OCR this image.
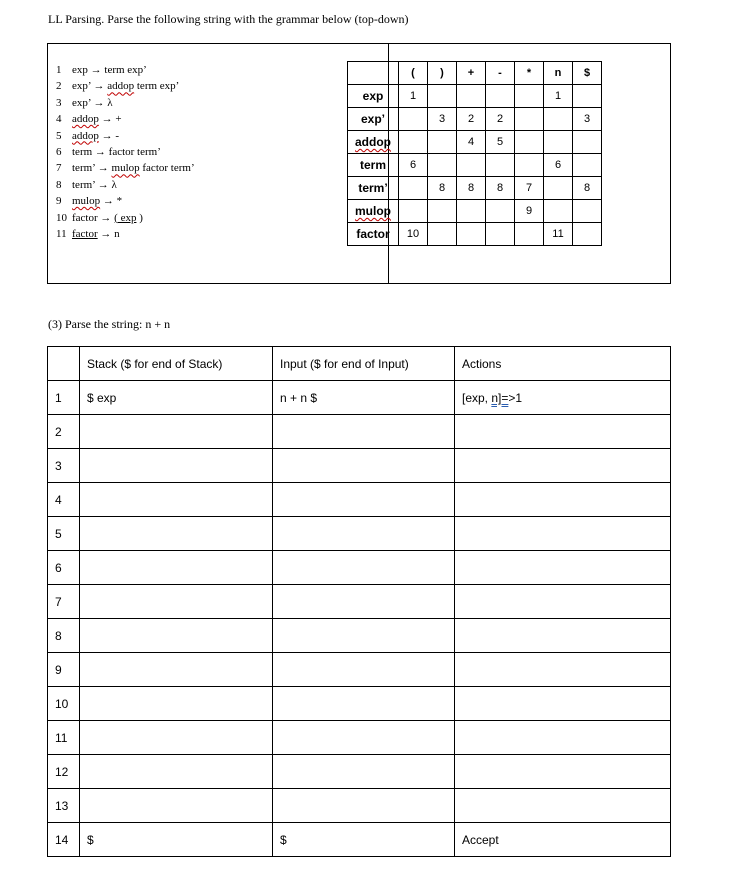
LL Parsing. Parse the following string with the grammar below (top-down)
1 exp → term exp’
2 exp’ → addop term exp’
3 exp’ → λ
4 addop → +
5 addop → -
6 term → factor term’
7 term’ → mulop factor term’
8 term’ → λ
9 mulop → *
10 factor → ( exp )
11 factor → n
	(	)	+	-	*	n	$
exp	1					1	
exp’		3	2	2			3
addop			4	5			
term	6					6	
term’		8	8	8	7		8
mulop					9		
factor	10					11	
(3) Parse the string: n + n
	Stack ($ for end of Stack)	Input ($ for end of Input)	Actions
1	$ exp	n + n $	[exp, n]=>1
2			
3			
4			
5			
6			
7			
8			
9			
10			
11			
12			
13			
14	$	$	Accept
